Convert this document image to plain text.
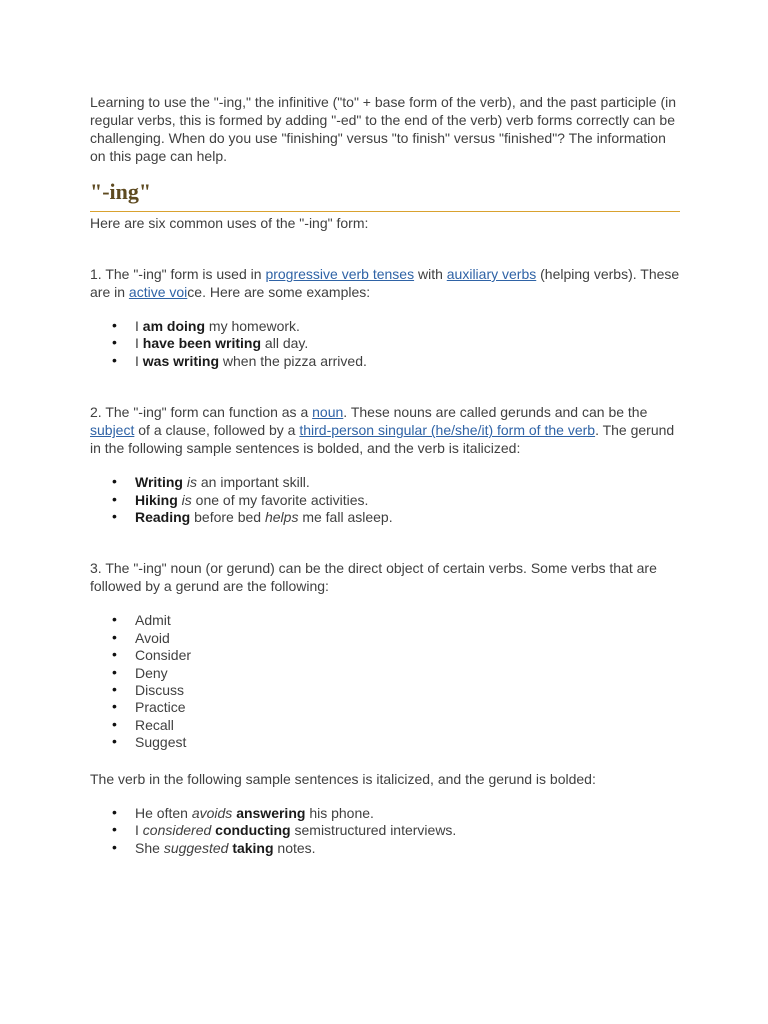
Learning to use the "-ing," the infinitive ("to" + base form of the verb), and the past participle (in regular verbs, this is formed by adding "-ed" to the end of the verb) verb forms correctly can be challenging. When do you use "finishing" versus "to finish" versus "finished"? The information on this page can help.

"-ing"

Here are six common uses of the "-ing" form:

1. The "-ing" form is used in progressive verb tenses with auxiliary verbs (helping verbs). These are in active voice. Here are some examples:

• I am doing my homework.
• I have been writing all day.
• I was writing when the pizza arrived.

2. The "-ing" form can function as a noun. These nouns are called gerunds and can be the subject of a clause, followed by a third-person singular (he/she/it) form of the verb. The gerund in the following sample sentences is bolded, and the verb is italicized:

• Writing is an important skill.
• Hiking is one of my favorite activities.
• Reading before bed helps me fall asleep.

3. The "-ing" noun (or gerund) can be the direct object of certain verbs. Some verbs that are followed by a gerund are the following:

• Admit
• Avoid
• Consider
• Deny
• Discuss
• Practice
• Recall
• Suggest

The verb in the following sample sentences is italicized, and the gerund is bolded:

• He often avoids answering his phone.
• I considered conducting semistructured interviews.
• She suggested taking notes.
